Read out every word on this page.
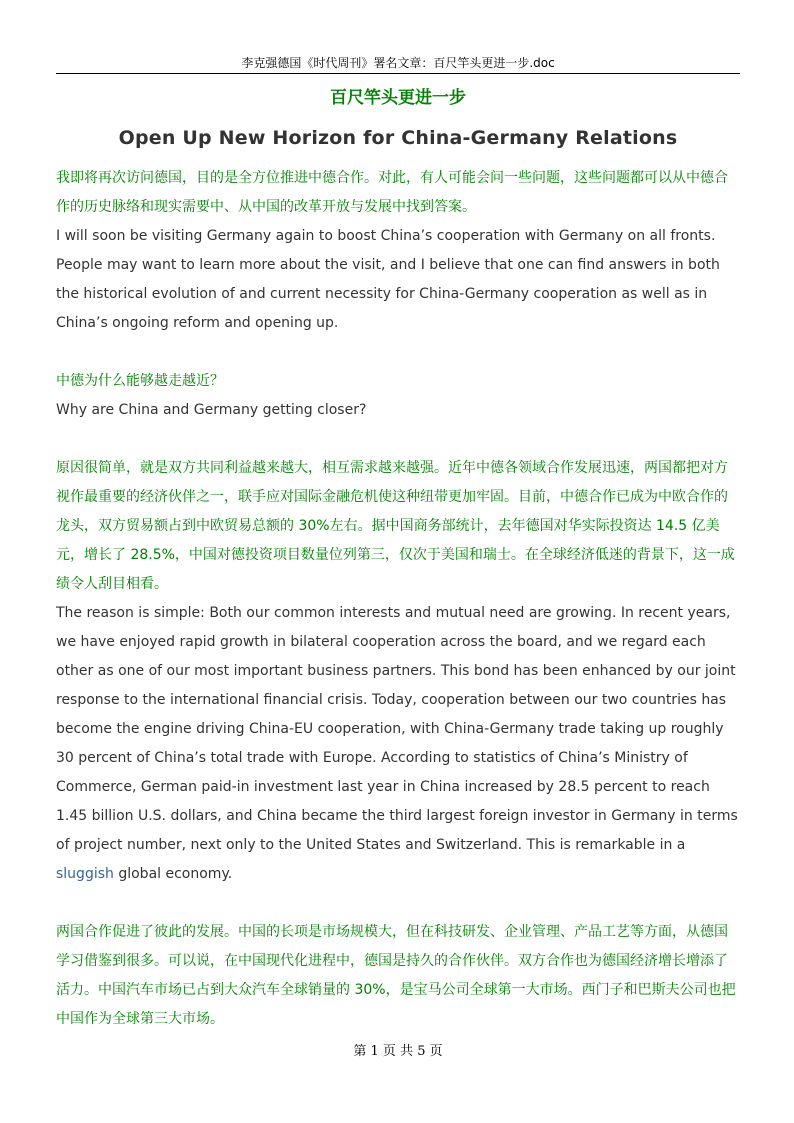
李克强德国《时代周刊》署名文章：百尺竿头更进一步.doc
百尺竿头更进一步
Open Up New Horizon for China-Germany Relations

我即将再次访问德国，目的是全方位推进中德合作。对此，有人可能会问一些问题，这些问题都可以从中德合作的历史脉络和现实需要中、从中国的改革开放与发展中找到答案。

I will soon be visiting Germany again to boost China’s cooperation with Germany on all fronts. People may want to learn more about the visit, and I believe that one can find answers in both the historical evolution of and current necessity for China-Germany cooperation as well as in China’s ongoing reform and opening up.

中德为什么能够越走越近？

Why are China and Germany getting closer?

原因很简单，就是双方共同利益越来越大，相互需求越来越强。近年中德各领域合作发展迅速，两国都把对方视作最重要的经济伙伴之一，联手应对国际金融危机使这种纽带更加牢固。目前，中德合作已成为中欧合作的龙头，双方贸易额占到中欧贸易总额的 30%左右。据中国商务部统计，去年德国对华实际投资达 14.5 亿美元，增长了 28.5%，中国对德投资项目数量位列第三，仅次于美国和瑞士。在全球经济低迷的背景下，这一成绩令人刮目相看。

The reason is simple: Both our common interests and mutual need are growing. In recent years, we have enjoyed rapid growth in bilateral cooperation across the board, and we regard each other as one of our most important business partners. This bond has been enhanced by our joint response to the international financial crisis. Today, cooperation between our two countries has become the engine driving China-EU cooperation, with China-Germany trade taking up roughly 30 percent of China’s total trade with Europe. According to statistics of China’s Ministry of Commerce, German paid-in investment last year in China increased by 28.5 percent to reach 1.45 billion U.S. dollars, and China became the third largest foreign investor in Germany in terms of project number, next only to the United States and Switzerland. This is remarkable in a sluggish global economy.

两国合作促进了彼此的发展。中国的长项是市场规模大，但在科技研发、企业管理、产品工艺等方面，从德国学习借鉴到很多。可以说，在中国现代化进程中，德国是持久的合作伙伴。双方合作也为德国经济增长增添了活力。中国汽车市场已占到大众汽车全球销量的 30%，是宝马公司全球第一大市场。西门子和巴斯夫公司也把中国作为全球第三大市场。

第 1 页 共 5 页
